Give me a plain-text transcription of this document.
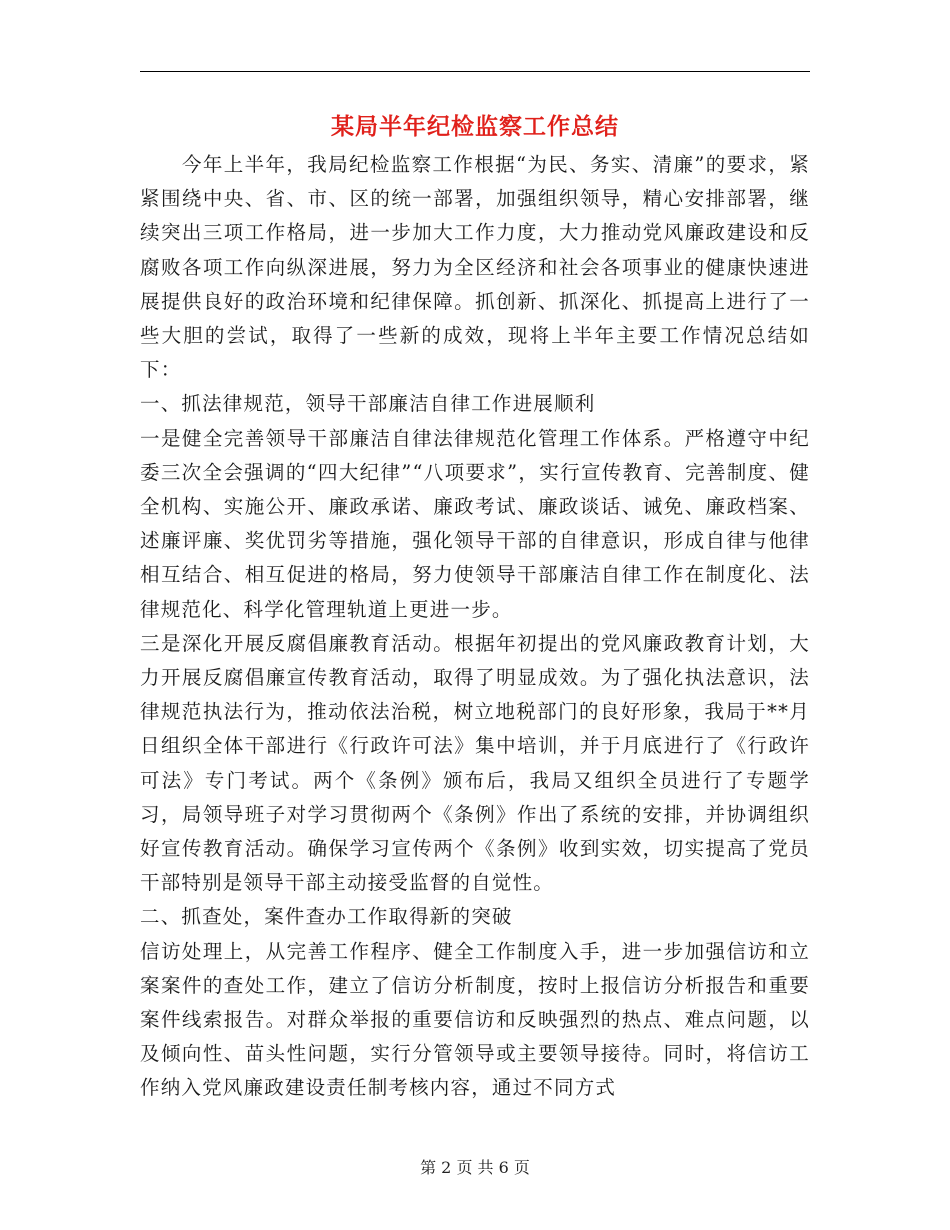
某局半年纪检监察工作总结

今年上半年，我局纪检监察工作根据“为民、务实、清廉”的要求，紧紧围绕中央、省、市、区的统一部署，加强组织领导，精心安排部署，继续突出三项工作格局，进一步加大工作力度，大力推动党风廉政建设和反腐败各项工作向纵深进展，努力为全区经济和社会各项事业的健康快速进展提供良好的政治环境和纪律保障。抓创新、抓深化、抓提高上进行了一些大胆的尝试，取得了一些新的成效，现将上半年主要工作情况总结如下：

一、抓法律规范，领导干部廉洁自律工作进展顺利

一是健全完善领导干部廉洁自律法律规范化管理工作体系。严格遵守中纪委三次全会强调的“四大纪律”“八项要求”，实行宣传教育、完善制度、健全机构、实施公开、廉政承诺、廉政考试、廉政谈话、诫免、廉政档案、述廉评廉、奖优罚劣等措施，强化领导干部的自律意识，形成自律与他律相互结合、相互促进的格局，努力使领导干部廉洁自律工作在制度化、法律规范化、科学化管理轨道上更进一步。

三是深化开展反腐倡廉教育活动。根据年初提出的党风廉政教育计划，大力开展反腐倡廉宣传教育活动，取得了明显成效。为了强化执法意识，法律规范执法行为，推动依法治税，树立地税部门的良好形象，我局于**月日组织全体干部进行《行政许可法》集中培训，并于月底进行了《行政许可法》专门考试。两个《条例》颁布后，我局又组织全员进行了专题学习，局领导班子对学习贯彻两个《条例》作出了系统的安排，并协调组织好宣传教育活动。确保学习宣传两个《条例》收到实效，切实提高了党员干部特别是领导干部主动接受监督的自觉性。

二、抓查处，案件查办工作取得新的突破

信访处理上，从完善工作程序、健全工作制度入手，进一步加强信访和立案案件的查处工作，建立了信访分析制度，按时上报信访分析报告和重要案件线索报告。对群众举报的重要信访和反映强烈的热点、难点问题，以及倾向性、苗头性问题，实行分管领导或主要领导接待。同时，将信访工作纳入党风廉政建设责任制考核内容，通过不同方式

第 2 页 共 6 页
